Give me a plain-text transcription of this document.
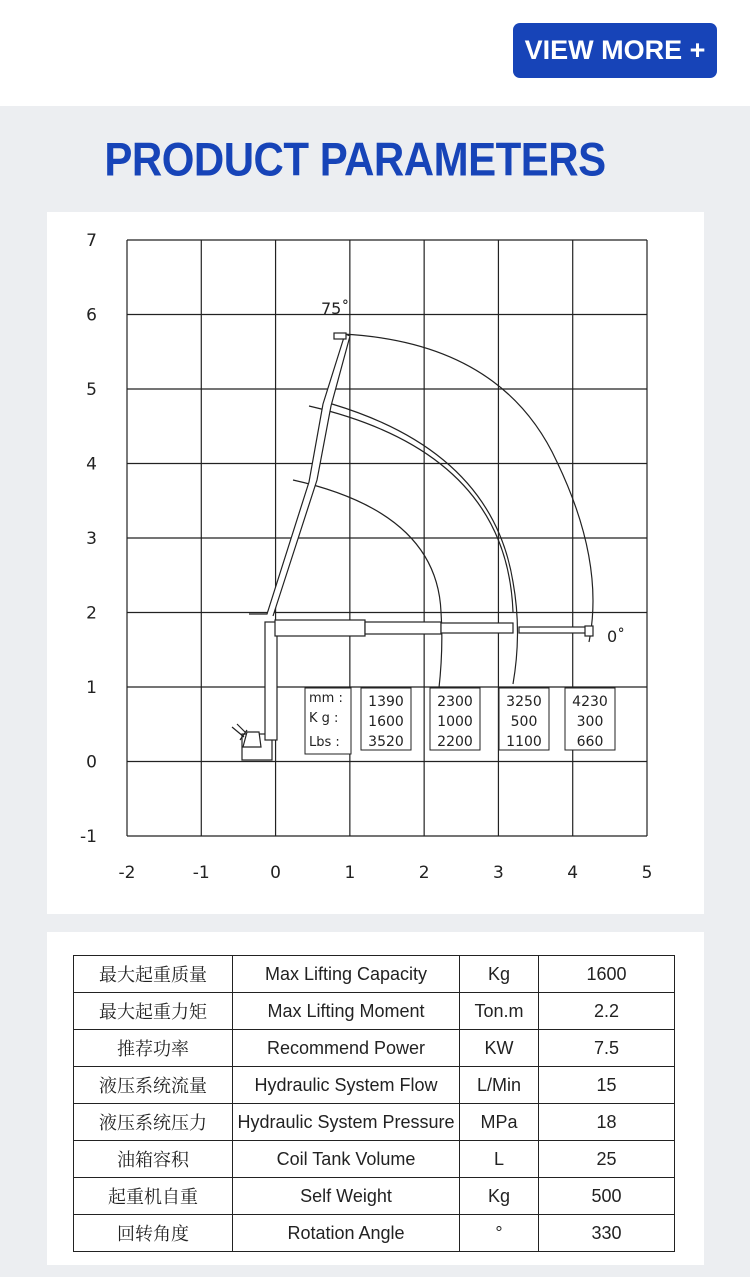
VIEW MORE +
PRODUCT PARAMETERS
-2	-1	0	1	2	3	4	5
7
6
5
4
3
2
1
0
-1
75˚
0˚
mm :
K g :
Lbs :
1390
1600
3520
2300
1000
2200
3250
500
1100
4230
300
660
最大起重质量	Max Lifting Capacity	Kg	1600
最大起重力矩	Max Lifting Moment	Ton.m	2.2
推荐功率	Recommend Power	KW	7.5
液压系统流量	Hydraulic System Flow	L/Min	15
液压系统压力	Hydraulic System Pressure	MPa	18
油箱容积	Coil Tank Volume	L	25
起重机自重	Self Weight	Kg	500
回转角度	Rotation Angle	°	330
